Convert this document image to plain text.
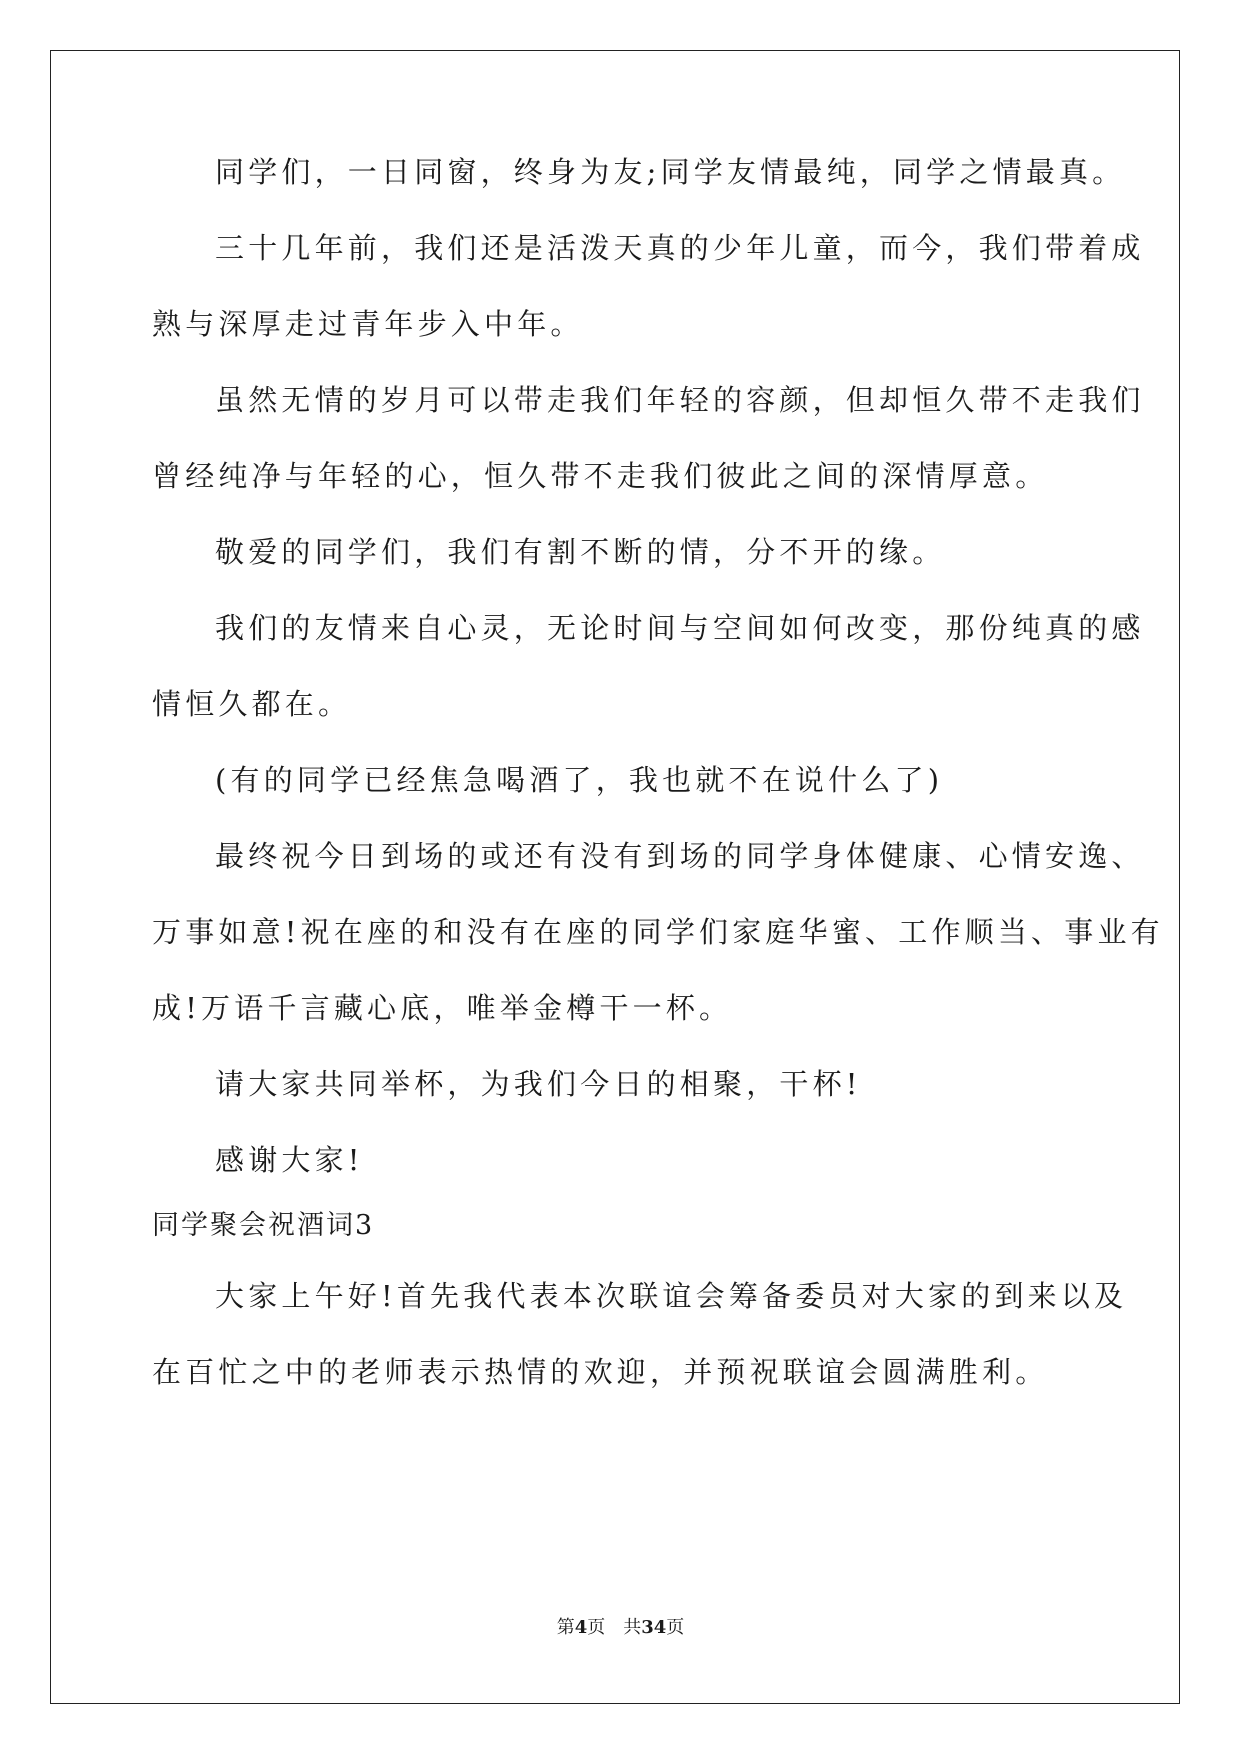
同学们，一日同窗，终身为友;同学友情最纯，同学之情最真。
三十几年前，我们还是活泼天真的少年儿童，而今，我们带着成
熟与深厚走过青年步入中年。
虽然无情的岁月可以带走我们年轻的容颜，但却恒久带不走我们
曾经纯净与年轻的心，恒久带不走我们彼此之间的深情厚意。
敬爱的同学们，我们有割不断的情，分不开的缘。
我们的友情来自心灵，无论时间与空间如何改变，那份纯真的感
情恒久都在。
(有的同学已经焦急喝酒了，我也就不在说什么了)
最终祝今日到场的或还有没有到场的同学身体健康、心情安逸、
万事如意!祝在座的和没有在座的同学们家庭华蜜、工作顺当、事业有
成!万语千言藏心底，唯举金樽干一杯。
请大家共同举杯，为我们今日的相聚，干杯!
感谢大家!
同学聚会祝酒词3
大家上午好!首先我代表本次联谊会筹备委员对大家的到来以及
在百忙之中的老师表示热情的欢迎，并预祝联谊会圆满胜利。
第4页 共34页
